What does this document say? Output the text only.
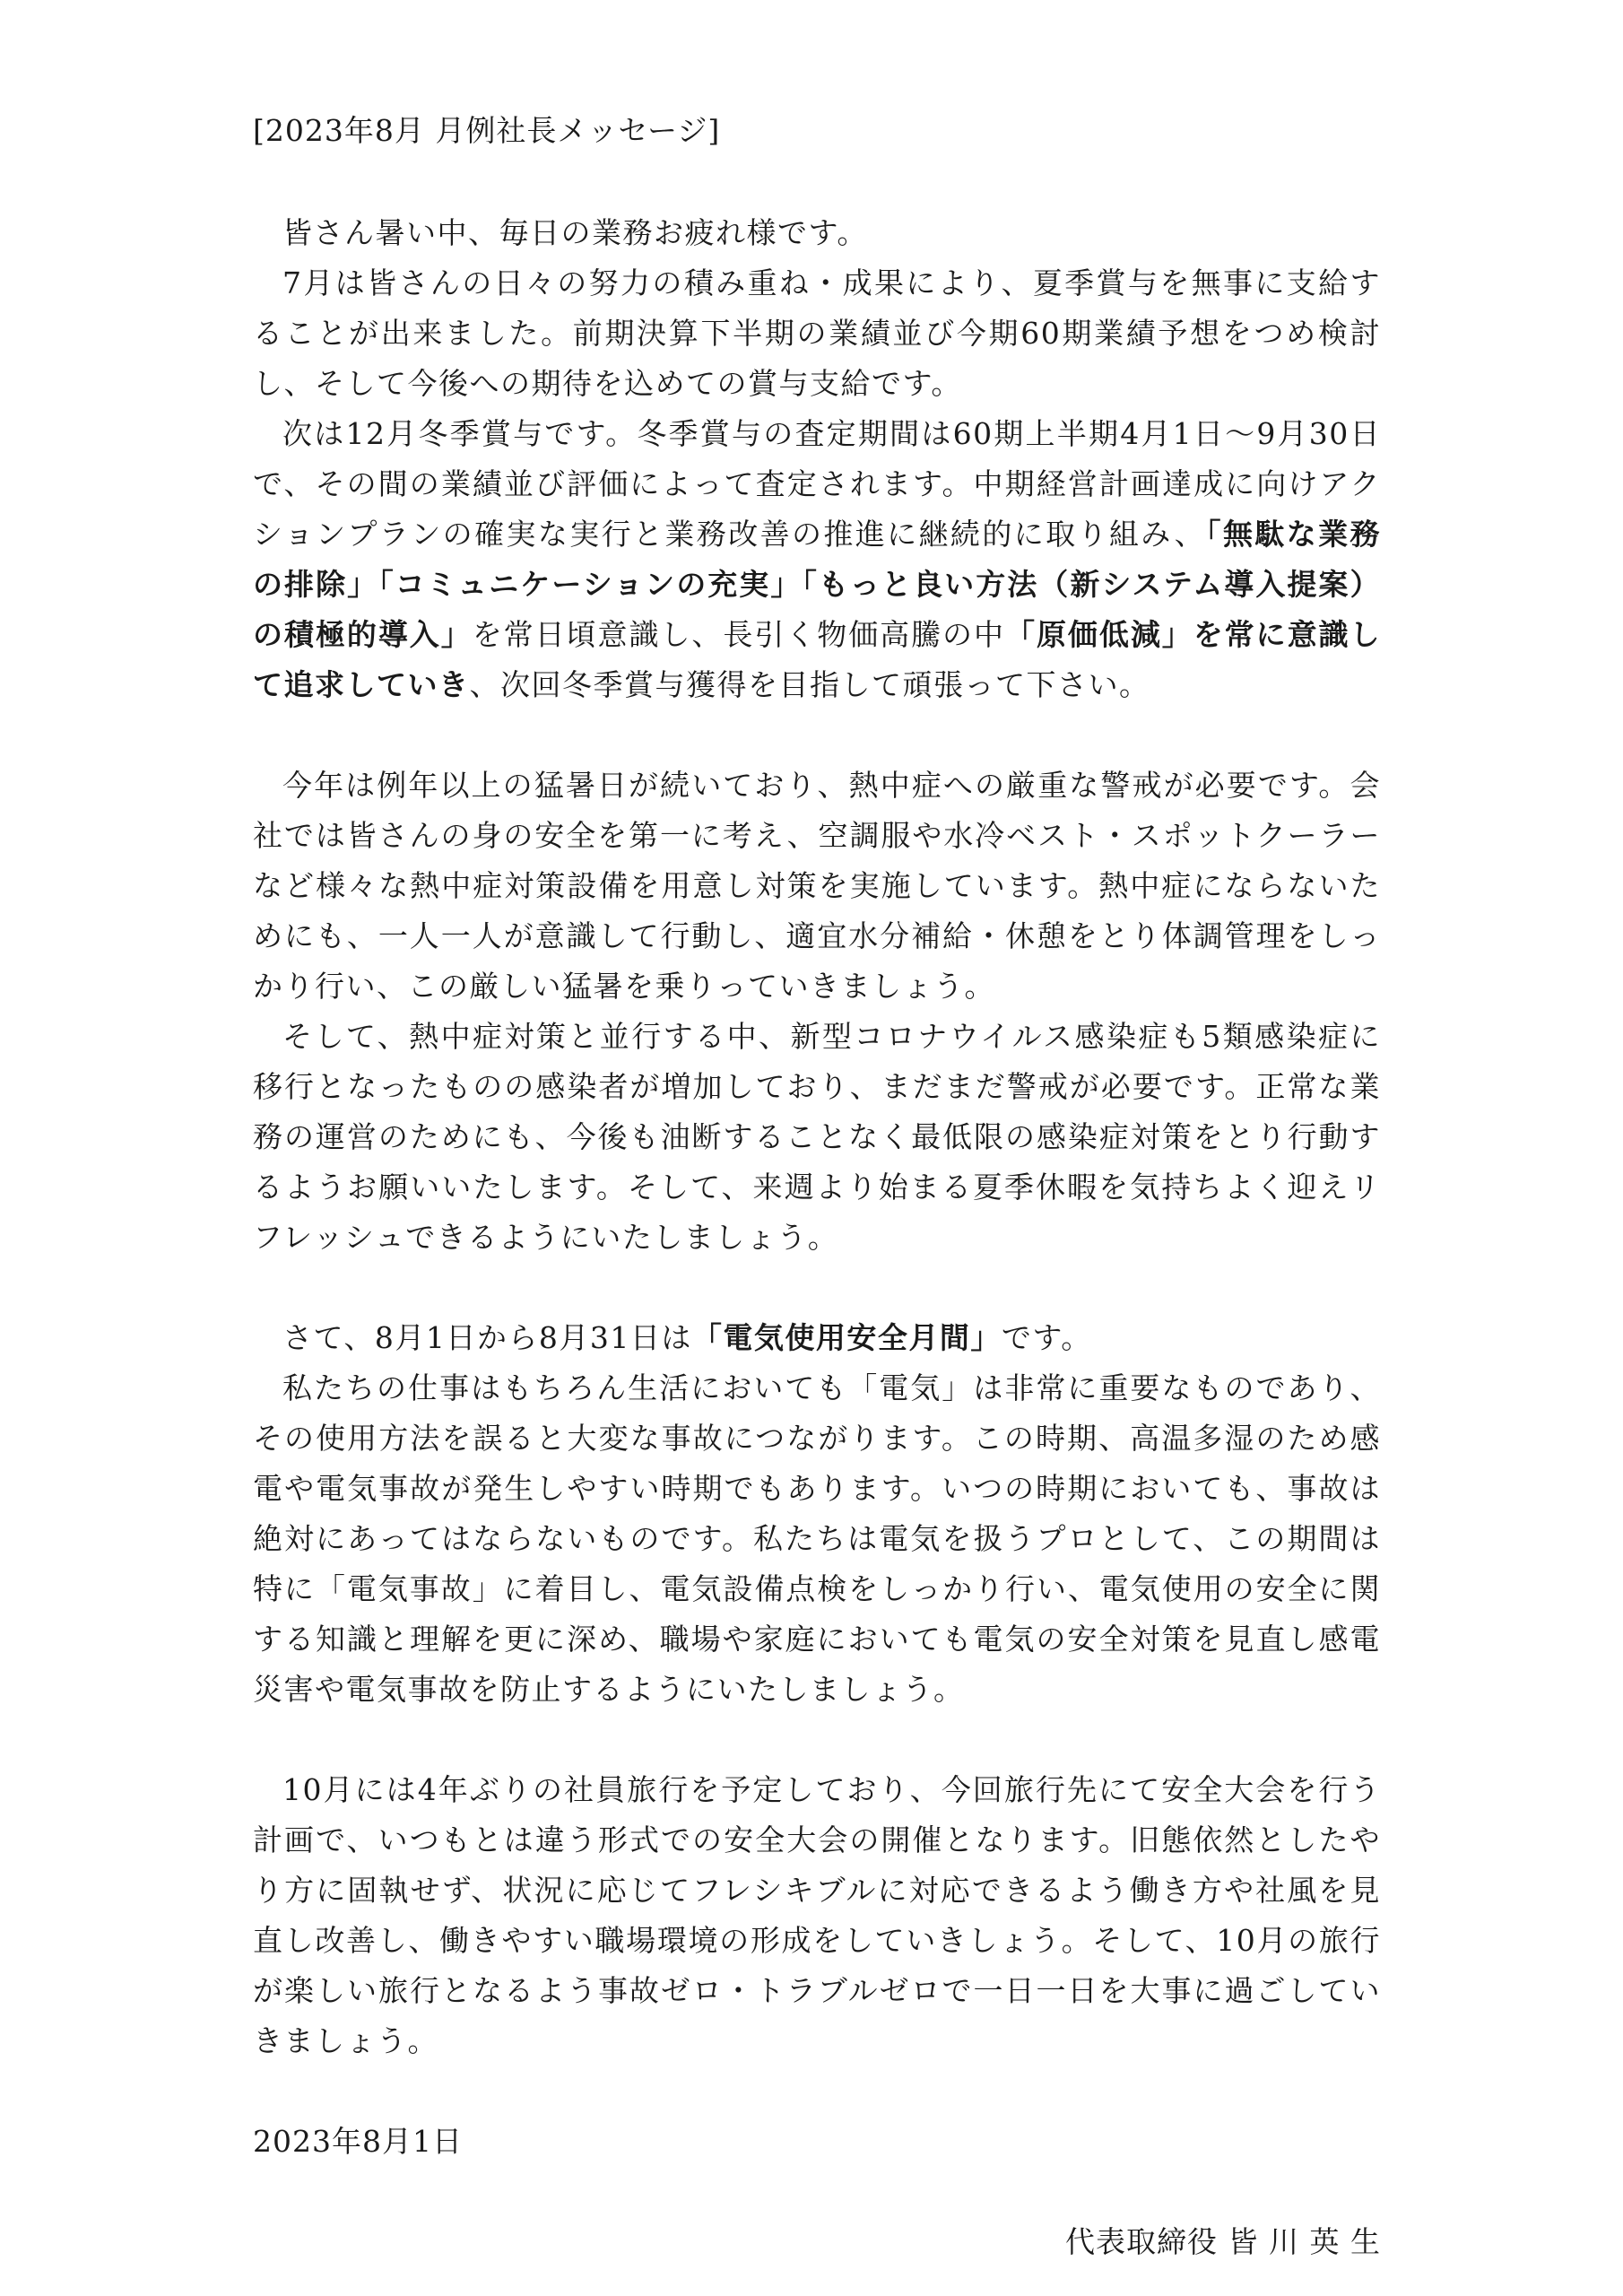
[2023年8月 月例社長メッセージ]

皆さん暑い中、毎日の業務お疲れ様です。

7月は皆さんの日々の努力の積み重ね・成果により、夏季賞与を無事に支給することが出来ました。前期決算下半期の業績並び今期60期業績予想をつめ検討し、そして今後への期待を込めての賞与支給です。

次は12月冬季賞与です。冬季賞与の査定期間は60期上半期4月1日〜9月30日で、その間の業績並び評価によって査定されます。中期経営計画達成に向けアクションプランの確実な実行と業務改善の推進に継続的に取り組み、「無駄な業務の排除」「コミュニケーションの充実」「もっと良い方法（新システム導入提案）の積極的導入」を常日頃意識し、長引く物価高騰の中「原価低減」を常に意識して追求していき、次回冬季賞与獲得を目指して頑張って下さい。

今年は例年以上の猛暑日が続いており、熱中症への厳重な警戒が必要です。会社では皆さんの身の安全を第一に考え、空調服や水冷ベスト・スポットクーラーなど様々な熱中症対策設備を用意し対策を実施しています。熱中症にならないためにも、一人一人が意識して行動し、適宜水分補給・休憩をとり体調管理をしっかり行い、この厳しい猛暑を乗りっていきましょう。

そして、熱中症対策と並行する中、新型コロナウイルス感染症も5類感染症に移行となったものの感染者が増加しており、まだまだ警戒が必要です。正常な業務の運営のためにも、今後も油断することなく最低限の感染症対策をとり行動するようお願いいたします。そして、来週より始まる夏季休暇を気持ちよく迎えリフレッシュできるようにいたしましょう。

さて、8月1日から8月31日は「電気使用安全月間」です。

私たちの仕事はもちろん生活においても「電気」は非常に重要なものであり、その使用方法を誤ると大変な事故につながります。この時期、高温多湿のため感電や電気事故が発生しやすい時期でもあります。いつの時期においても、事故は絶対にあってはならないものです。私たちは電気を扱うプロとして、この期間は特に「電気事故」に着目し、電気設備点検をしっかり行い、電気使用の安全に関する知識と理解を更に深め、職場や家庭においても電気の安全対策を見直し感電災害や電気事故を防止するようにいたしましょう。

10月には4年ぶりの社員旅行を予定しており、今回旅行先にて安全大会を行う計画で、いつもとは違う形式での安全大会の開催となります。旧態依然としたやり方に固執せず、状況に応じてフレシキブルに対応できるよう働き方や社風を見直し改善し、働きやすい職場環境の形成をしていきしょう。そして、10月の旅行が楽しい旅行となるよう事故ゼロ・トラブルゼロで一日一日を大事に過ごしていきましょう。

2023年8月1日
代表取締役 皆 川 英 生
